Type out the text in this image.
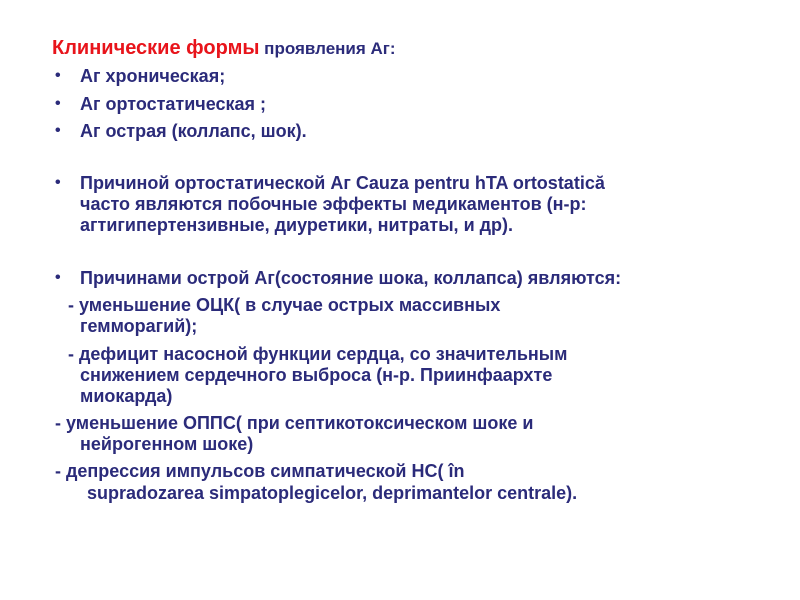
Клинические формы проявления Аг:
• Аг хроническая;
• Аг ортостатическая ;
• Аг острая (коллапс, шок).
• Причиной ортостатической Аг Cauza pentru hTA ortostatică
часто являются побочные эффекты медикаментов (н-р:
агтигипертензивные, диуретики, нитраты, и др).
• Причинами острой Аг(состояние шока, коллапса) являются:
- уменьшение ОЦК( в случае острых массивных
гемморагий);
- дефицит насосной функции сердца, со значительным
снижением сердечного выброса (н-р. Приинфаархте
миокарда)
- уменьшение ОППС( при септикотоксическом шоке и
нейрогенном шоке)
- депрессия импульсов симпатической НС( în
supradozarea simpatoplegicelor, deprimantelor centrale).
